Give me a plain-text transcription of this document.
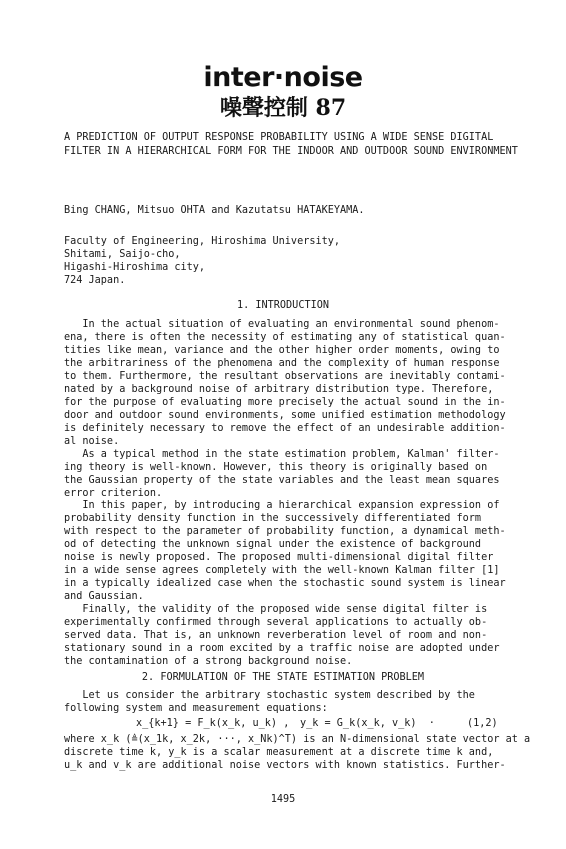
inter·noise
噪聲控制 87
A PREDICTION OF OUTPUT RESPONSE PROBABILITY USING A WIDE SENSE DIGITAL
FILTER IN A HIERARCHICAL FORM FOR THE INDOOR AND OUTDOOR SOUND ENVIRONMENT
Bing CHANG, Mitsuo OHTA and Kazutatsu HATAKEYAMA.
Faculty of Engineering, Hiroshima University,
Shitami, Saijo-cho,
Higashi-Hiroshima city,
724 Japan.
1. INTRODUCTION
In the actual situation of evaluating an environmental sound phenom-
ena, there is often the necessity of estimating any of statistical quan-
tities like mean, variance and the other higher order moments, owing to
the arbitrariness of the phenomena and the complexity of human response
to them. Furthermore, the resultant observations are inevitably contami-
nated by a background noise of arbitrary distribution type. Therefore,
for the purpose of evaluating more precisely the actual sound in the in-
door and outdoor sound environments, some unified estimation methodology
is definitely necessary to remove the effect of an undesirable addition-
al noise.
As a typical method in the state estimation problem, Kalman' filter-
ing theory is well-known. However, this theory is originally based on
the Gaussian property of the state variables and the least mean squares
error criterion.
In this paper, by introducing a hierarchical expansion expression of
probability density function in the successively differentiated form
with respect to the parameter of probability function, a dynamical meth-
od of detecting the unknown signal under the existence of background
noise is newly proposed. The proposed multi-dimensional digital filter
in a wide sense agrees completely with the well-known Kalman filter [1]
in a typically idealized case when the stochastic sound system is linear
and Gaussian.
Finally, the validity of the proposed wide sense digital filter is
experimentally confirmed through several applications to actually ob-
served data. That is, an unknown reverberation level of room and non-
stationary sound in a room excited by a traffic noise are adopted under
the contamination of a strong background noise.
2. FORMULATION OF THE STATE ESTIMATION PROBLEM
Let us consider the arbitrary stochastic system described by the
following system and measurement equations:
x_{k+1} = F_k(x_k, u_k) , y_k = G_k(x_k, v_k)  ·	(1,2)
where x_k (≜(x_1k, x_2k, ···, x_Nk)^T) is an N-dimensional state vector at a
discrete time k, y_k is a scalar measurement at a discrete time k and,
u_k and v_k are additional noise vectors with known statistics. Further-
1495
